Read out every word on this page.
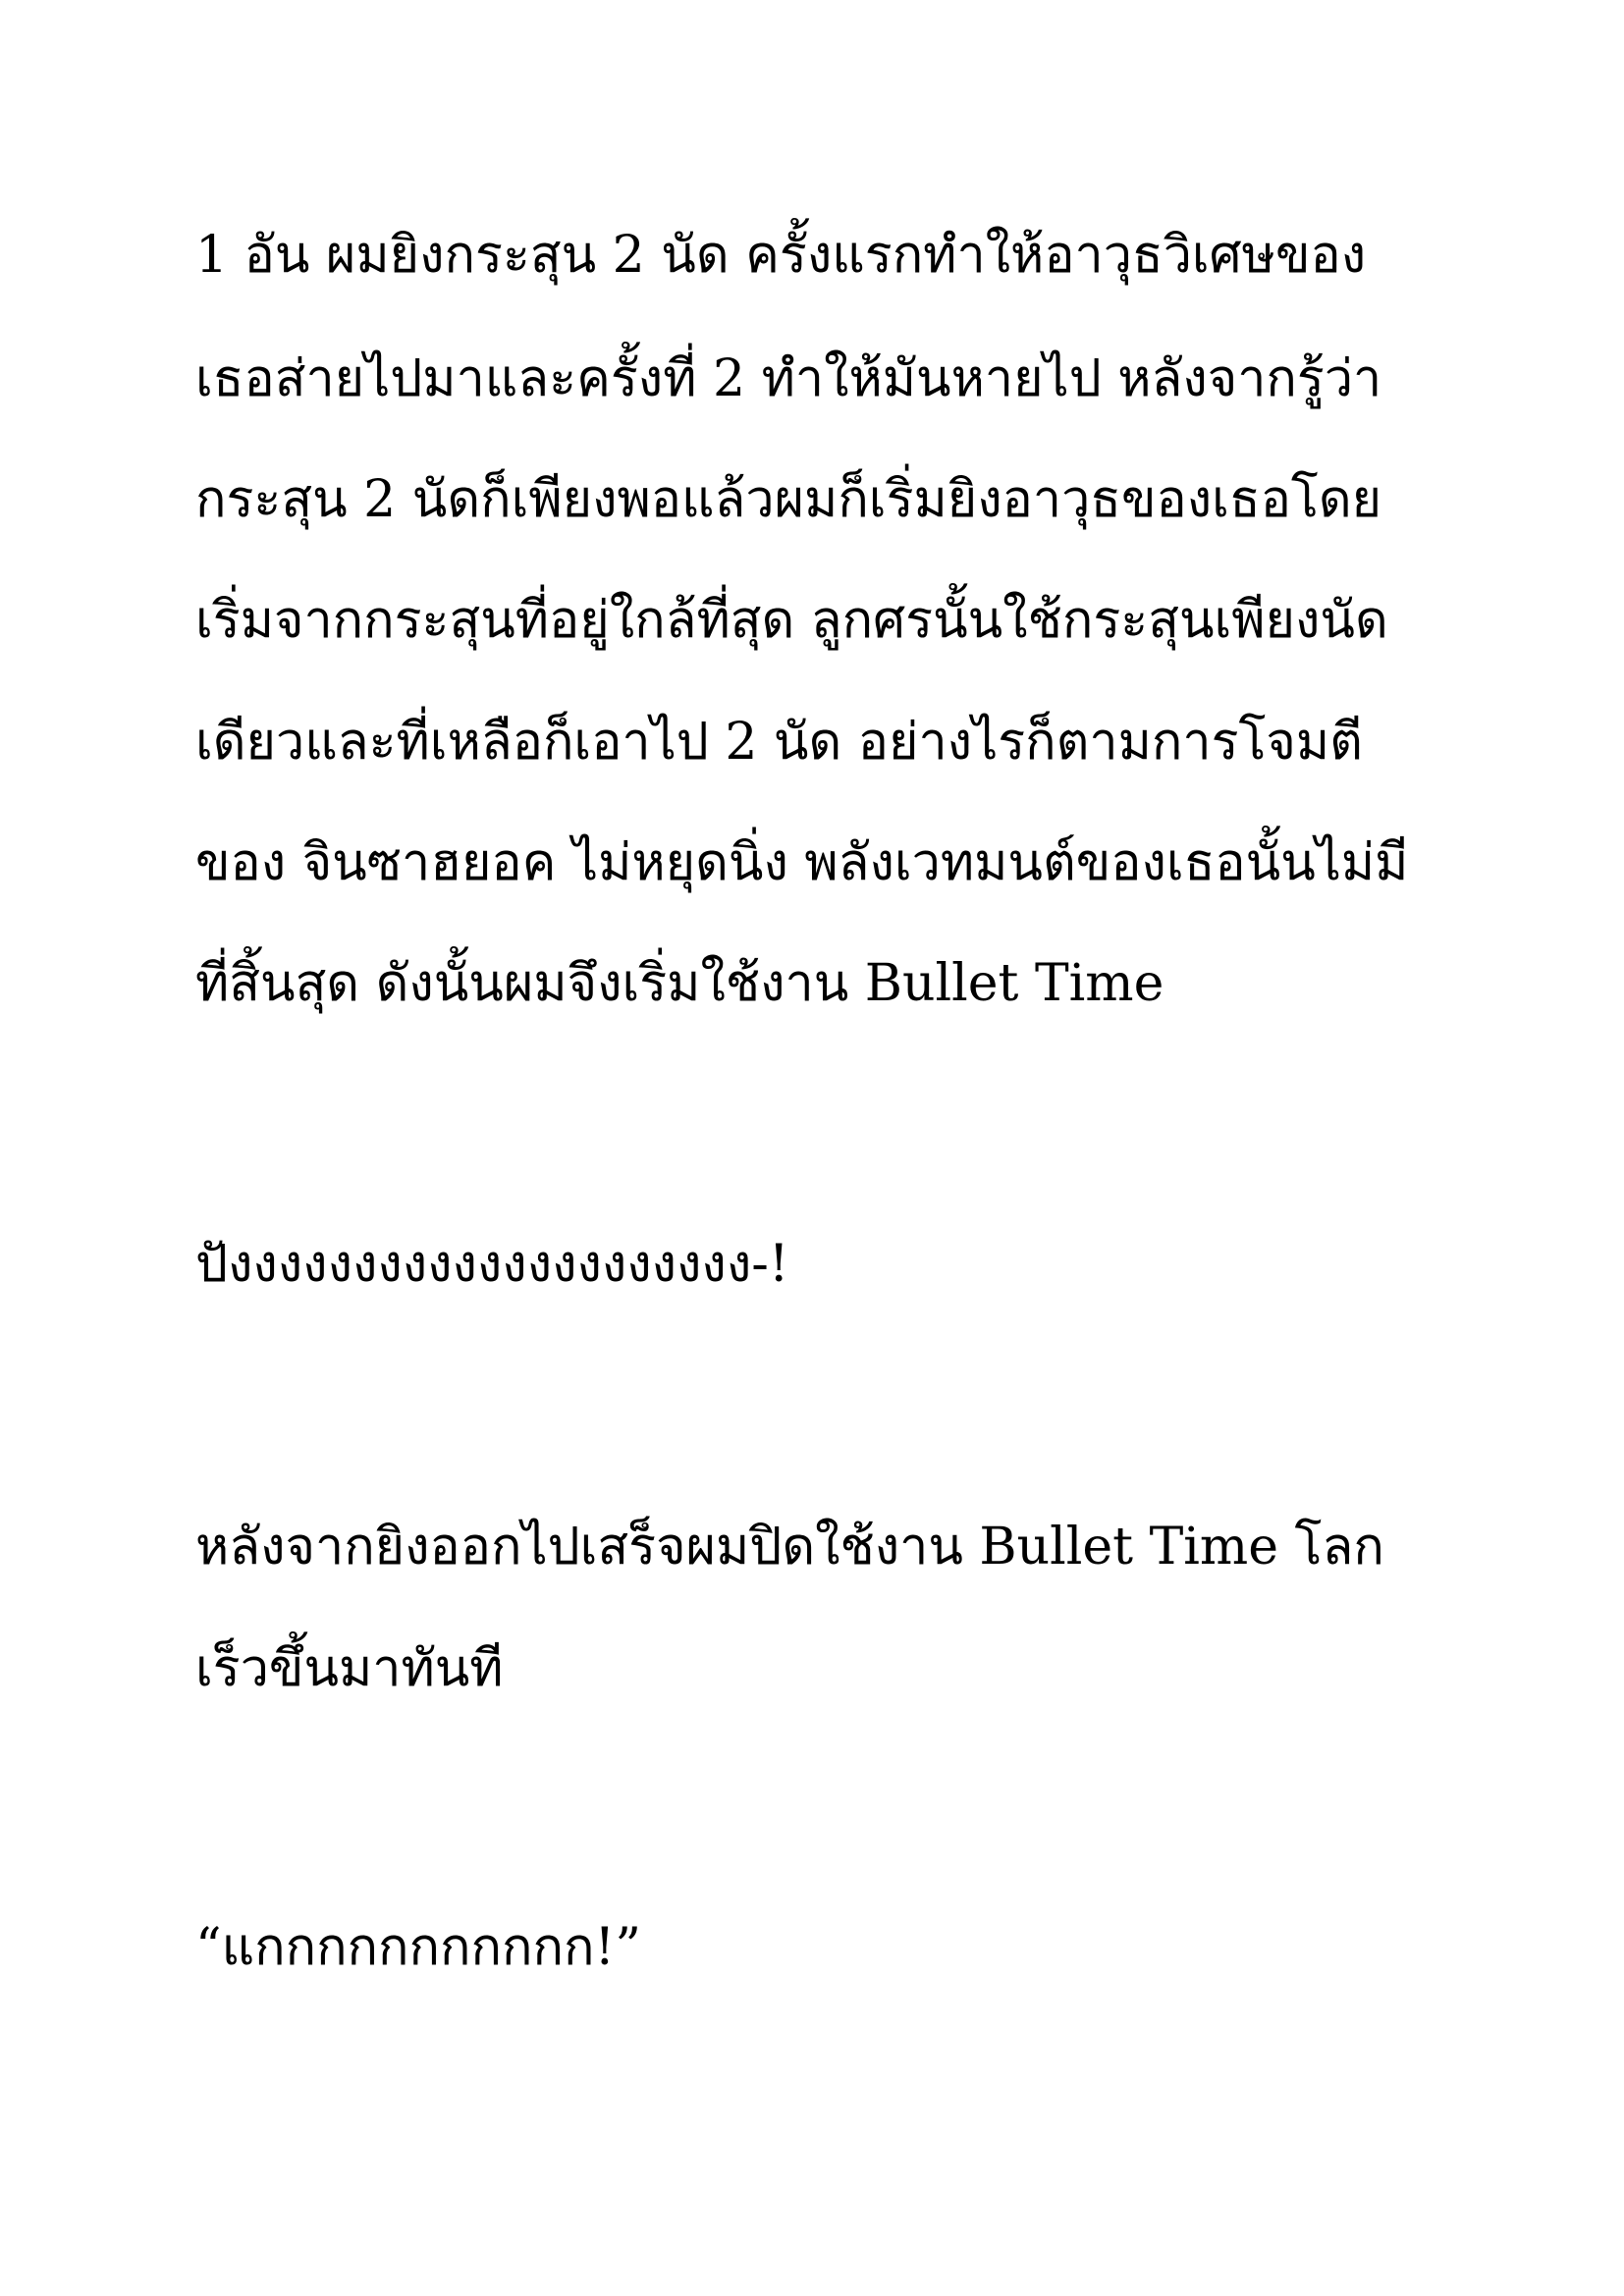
1 อัน ผมยิงกระสุน 2 นัด ครั้งแรกทำให้อาวุธวิเศษของ
เธอส่ายไปมาและครั้งที่ 2 ทำให้มันหายไป หลังจากรู้ว่า
กระสุน 2 นัดก็เพียงพอแล้วผมก็เริ่มยิงอาวุธของเธอโดย
เริ่มจากกระสุนที่อยู่ใกล้ที่สุด ลูกศรนั้นใช้กระสุนเพียงนัด
เดียวและที่เหลือก็เอาไป 2 นัด อย่างไรก็ตามการโจมตี
ของ จินซาฮยอค ไม่หยุดนิ่ง พลังเวทมนต์ของเธอนั้นไม่มี
ที่สิ้นสุด ดังนั้นผมจึงเริ่มใช้งาน Bullet Time
ปังงงงงงงงงงงงงงงงงงงงง-!
หลังจากยิงออกไปเสร็จผมปิดใช้งาน Bullet Time โลก
เร็วขึ้นมาทันที
“แกกกกกกกกกกก!”
